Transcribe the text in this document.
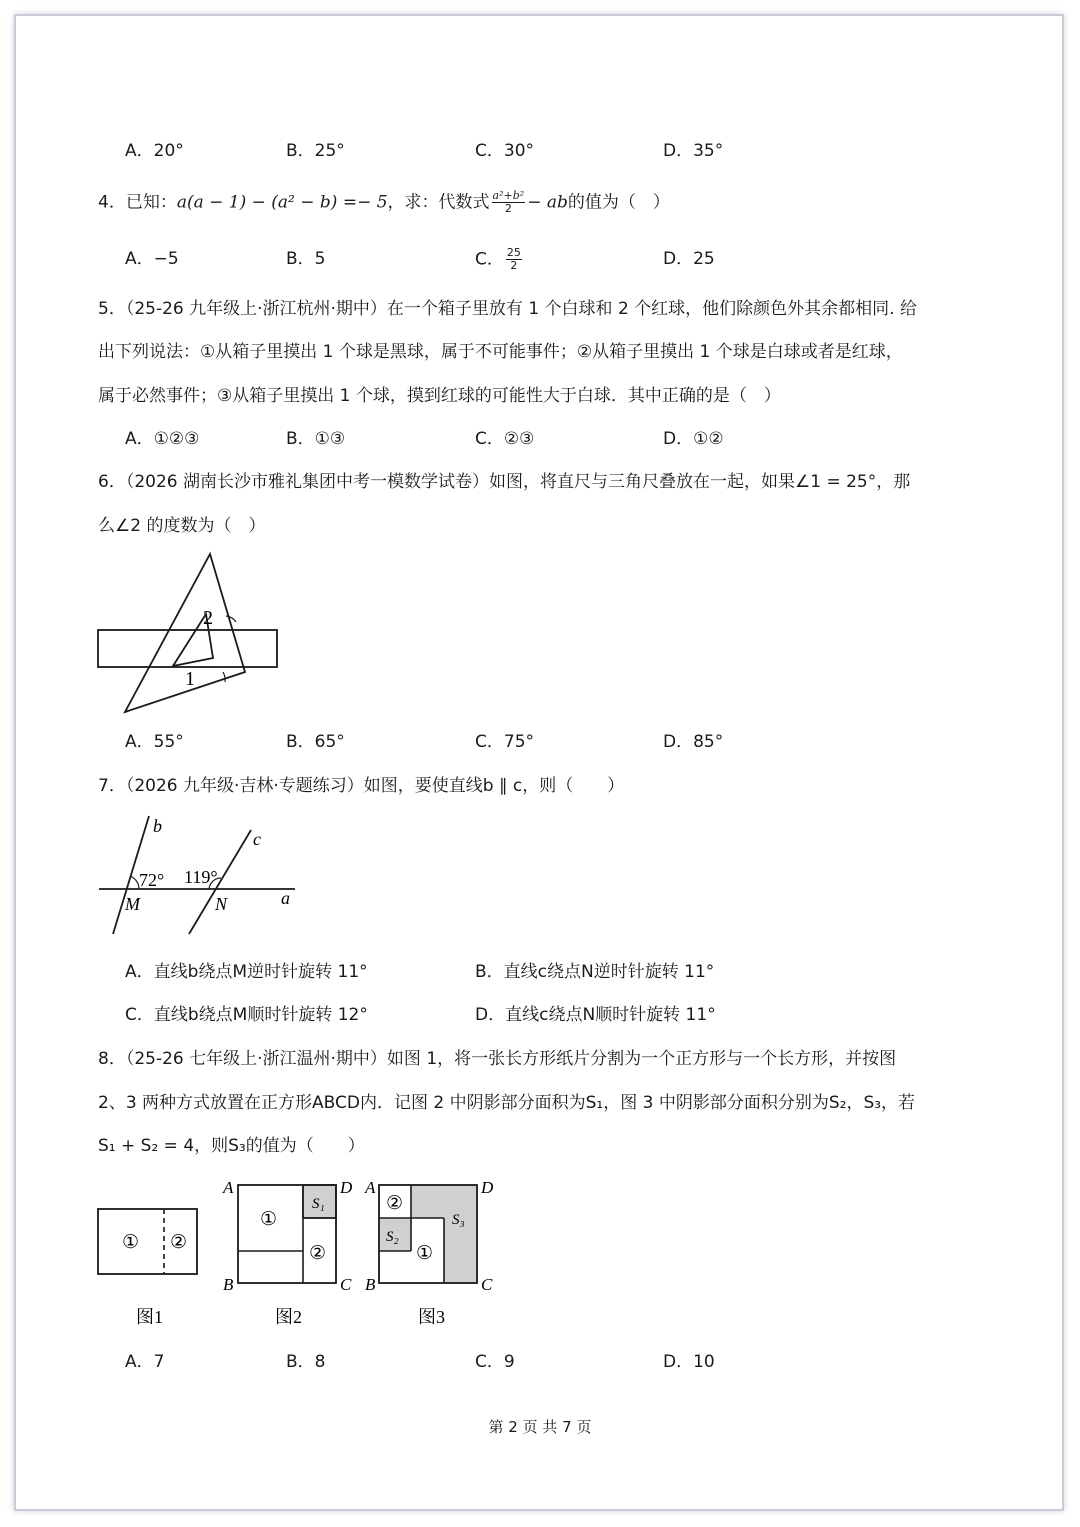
A．20°	B．25°	C．30°	D．35°
4．已知：a(a − 1) − (a² − b) =− 5，求：代数式 $\frac{\text{a²+b²}}{2}$ − ab的值为（　）
A．−5	B．5	C． $\frac{25}{2}$	D．25
5．（25-26 九年级上·浙江杭州·期中）在一个箱子里放有 1 个白球和 2 个红球，他们除颜色外其余都相同. 给
出下列说法：①从箱子里摸出 1 个球是黑球，属于不可能事件；②从箱子里摸出 1 个球是白球或者是红球，
属于必然事件；③从箱子里摸出 1 个球，摸到红球的可能性大于白球．其中正确的是（　）
A．①②③	B．①③	C．②③	D．①②
6．（2026 湖南长沙市雅礼集团中考一模数学试卷）如图，将直尺与三角尺叠放在一起，如果∠1 = 25°，那
么∠2 的度数为（　）
2
1
A．55°	B．65°	C．75°	D．85°
7．（2026 九年级·吉林·专题练习）如图，要使直线b ∥ c，则（　　）
b
c
a
M	N
72° 119°
A．直线b绕点M逆时针旋转 11°	B．直线c绕点N逆时针旋转 11°
C．直线b绕点M顺时针旋转 12°	D．直线c绕点N顺时针旋转 11°
8．（25-26 七年级上·浙江温州·期中）如图 1，将一张长方形纸片分割为一个正方形与一个长方形，并按图
2、3 两种方式放置在正方形ABCD内．记图 2 中阴影部分面积为S₁，图 3 中阴影部分面积分别为S₂，S₃，若
S₁ + S₂ = 4，则S₃的值为（　　）
① ②
图1
A	D
B	C
①
②
S₁
图2
A	D
B	C
②
①
S₂
S₃
图3
A．7	B．8	C．9	D．10
第 2 页 共 7 页
